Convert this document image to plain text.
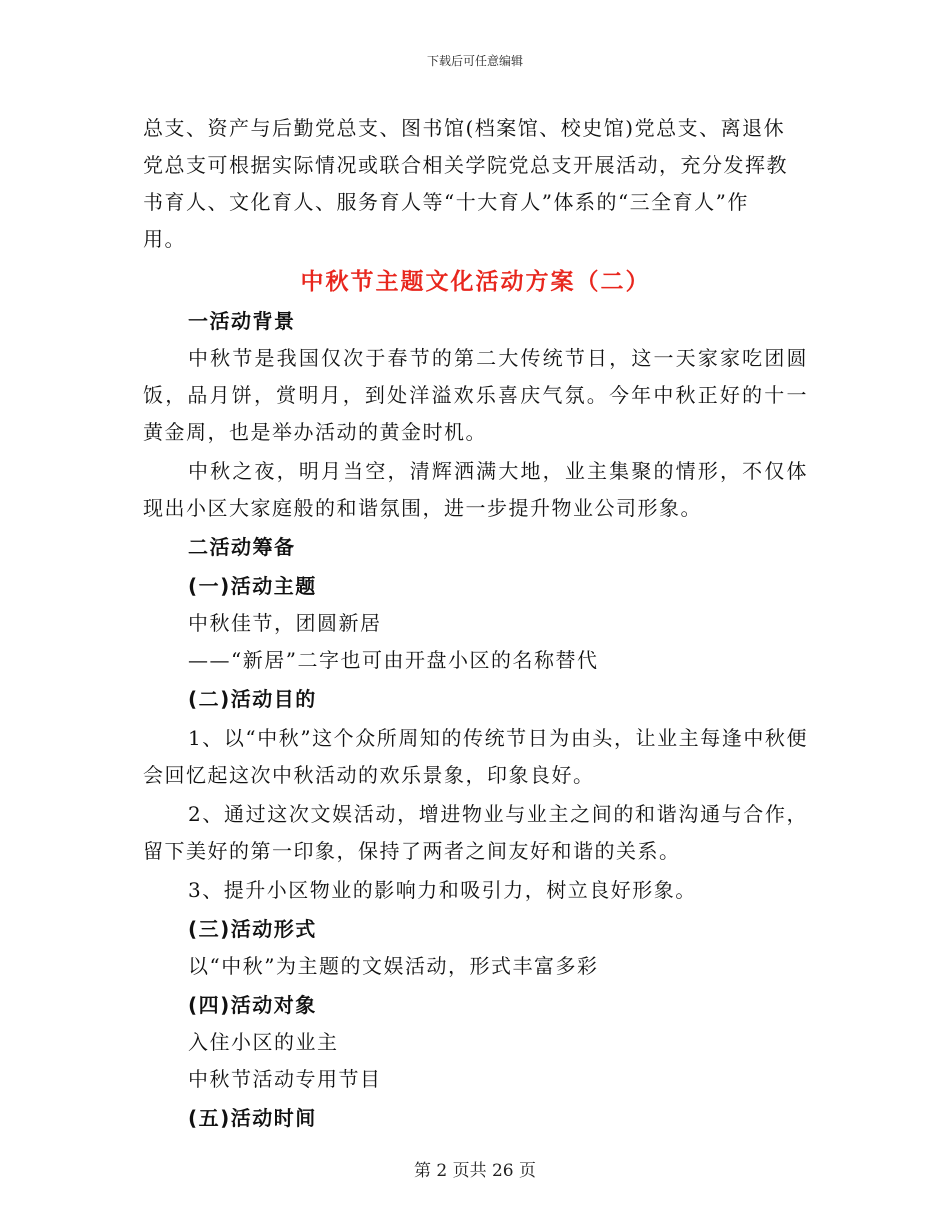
下载后可任意编辑

总支、资产与后勤党总支、图书馆(档案馆、校史馆)党总支、离退休

党总支可根据实际情况或联合相关学院党总支开展活动，充分发挥教

书育人、文化育人、服务育人等“十大育人”体系的“三全育人”作

用。

中秋节主题文化活动方案（二）

一活动背景

中秋节是我国仅次于春节的第二大传统节日，这一天家家吃团圆饭，品月饼，赏明月，到处洋溢欢乐喜庆气氛。今年中秋正好的十一黄金周，也是举办活动的黄金时机。

中秋之夜，明月当空，清辉洒满大地，业主集聚的情形，不仅体现出小区大家庭般的和谐氛围，进一步提升物业公司形象。

二活动筹备

(一)活动主题

中秋佳节，团圆新居

——“新居”二字也可由开盘小区的名称替代

(二)活动目的

1、以“中秋”这个众所周知的传统节日为由头，让业主每逢中秋便会回忆起这次中秋活动的欢乐景象，印象良好。

2、通过这次文娱活动，增进物业与业主之间的和谐沟通与合作，留下美好的第一印象，保持了两者之间友好和谐的关系。

3、提升小区物业的影响力和吸引力，树立良好形象。

(三)活动形式

以“中秋”为主题的文娱活动，形式丰富多彩

(四)活动对象

入住小区的业主

中秋节活动专用节目

(五)活动时间

第 2 页共 26 页
